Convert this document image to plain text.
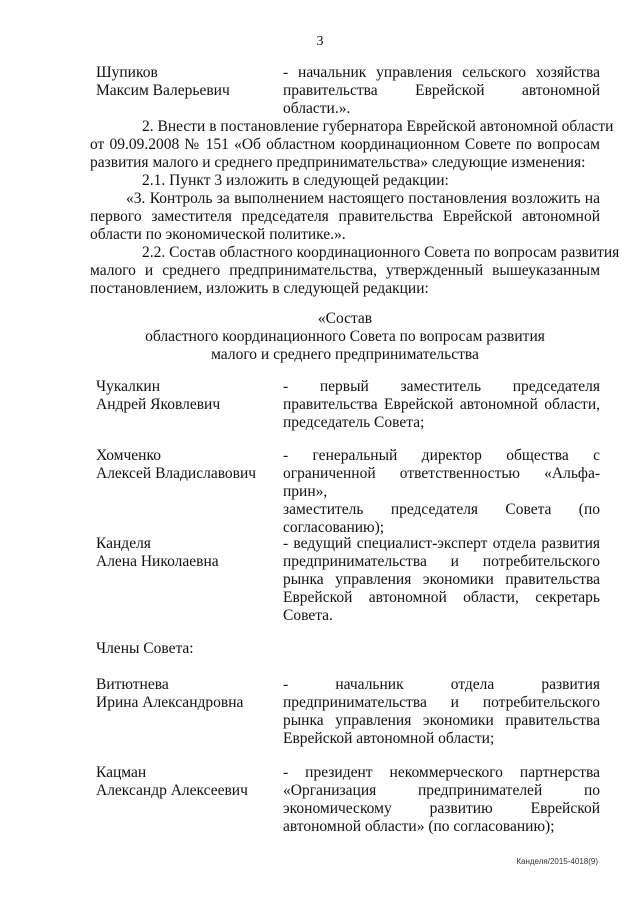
3
Шупиков
Максим Валерьевич
- начальник управления сельского хозяйства
правительства Еврейской автономной области.».
2. Внести в постановление губернатора Еврейской автономной области
от 09.09.2008 № 151 «Об областном координационном Совете по вопросам
развития малого и среднего предпринимательства» следующие изменения:
2.1. Пункт 3 изложить в следующей редакции:
«3. Контроль за выполнением настоящего постановления возложить на
первого заместителя председателя правительства Еврейской автономной
области по экономической политике.».
2.2. Состав областного координационного Совета по вопросам развития
малого и среднего предпринимательства, утвержденный вышеуказанным
постановлением, изложить в следующей редакции:
«Состав
областного координационного Совета по вопросам развития
малого и среднего предпринимательства
Чукалкин
Андрей Яковлевич
- первый заместитель председателя
правительства Еврейской автономной области,
председатель Совета;
Хомченко
Алексей Владиславович
- генеральный директор общества с
ограниченной ответственностью «Альфа-прин»,
заместитель председателя Совета (по
согласованию);
Канделя
Алена Николаевна
- ведущий специалист-эксперт отдела развития
предпринимательства и потребительского
рынка управления экономики правительства
Еврейской автономной области, секретарь
Совета.
Члены Совета:
Витютнева
Ирина Александровна
- начальник отдела развития
предпринимательства и потребительского
рынка управления экономики правительства
Еврейской автономной области;
Кацман
Александр Алексеевич
- президент некоммерческого партнерства
«Организация предпринимателей по
экономическому развитию Еврейской
автономной области» (по согласованию);
Канделя/2015-4018(9)
